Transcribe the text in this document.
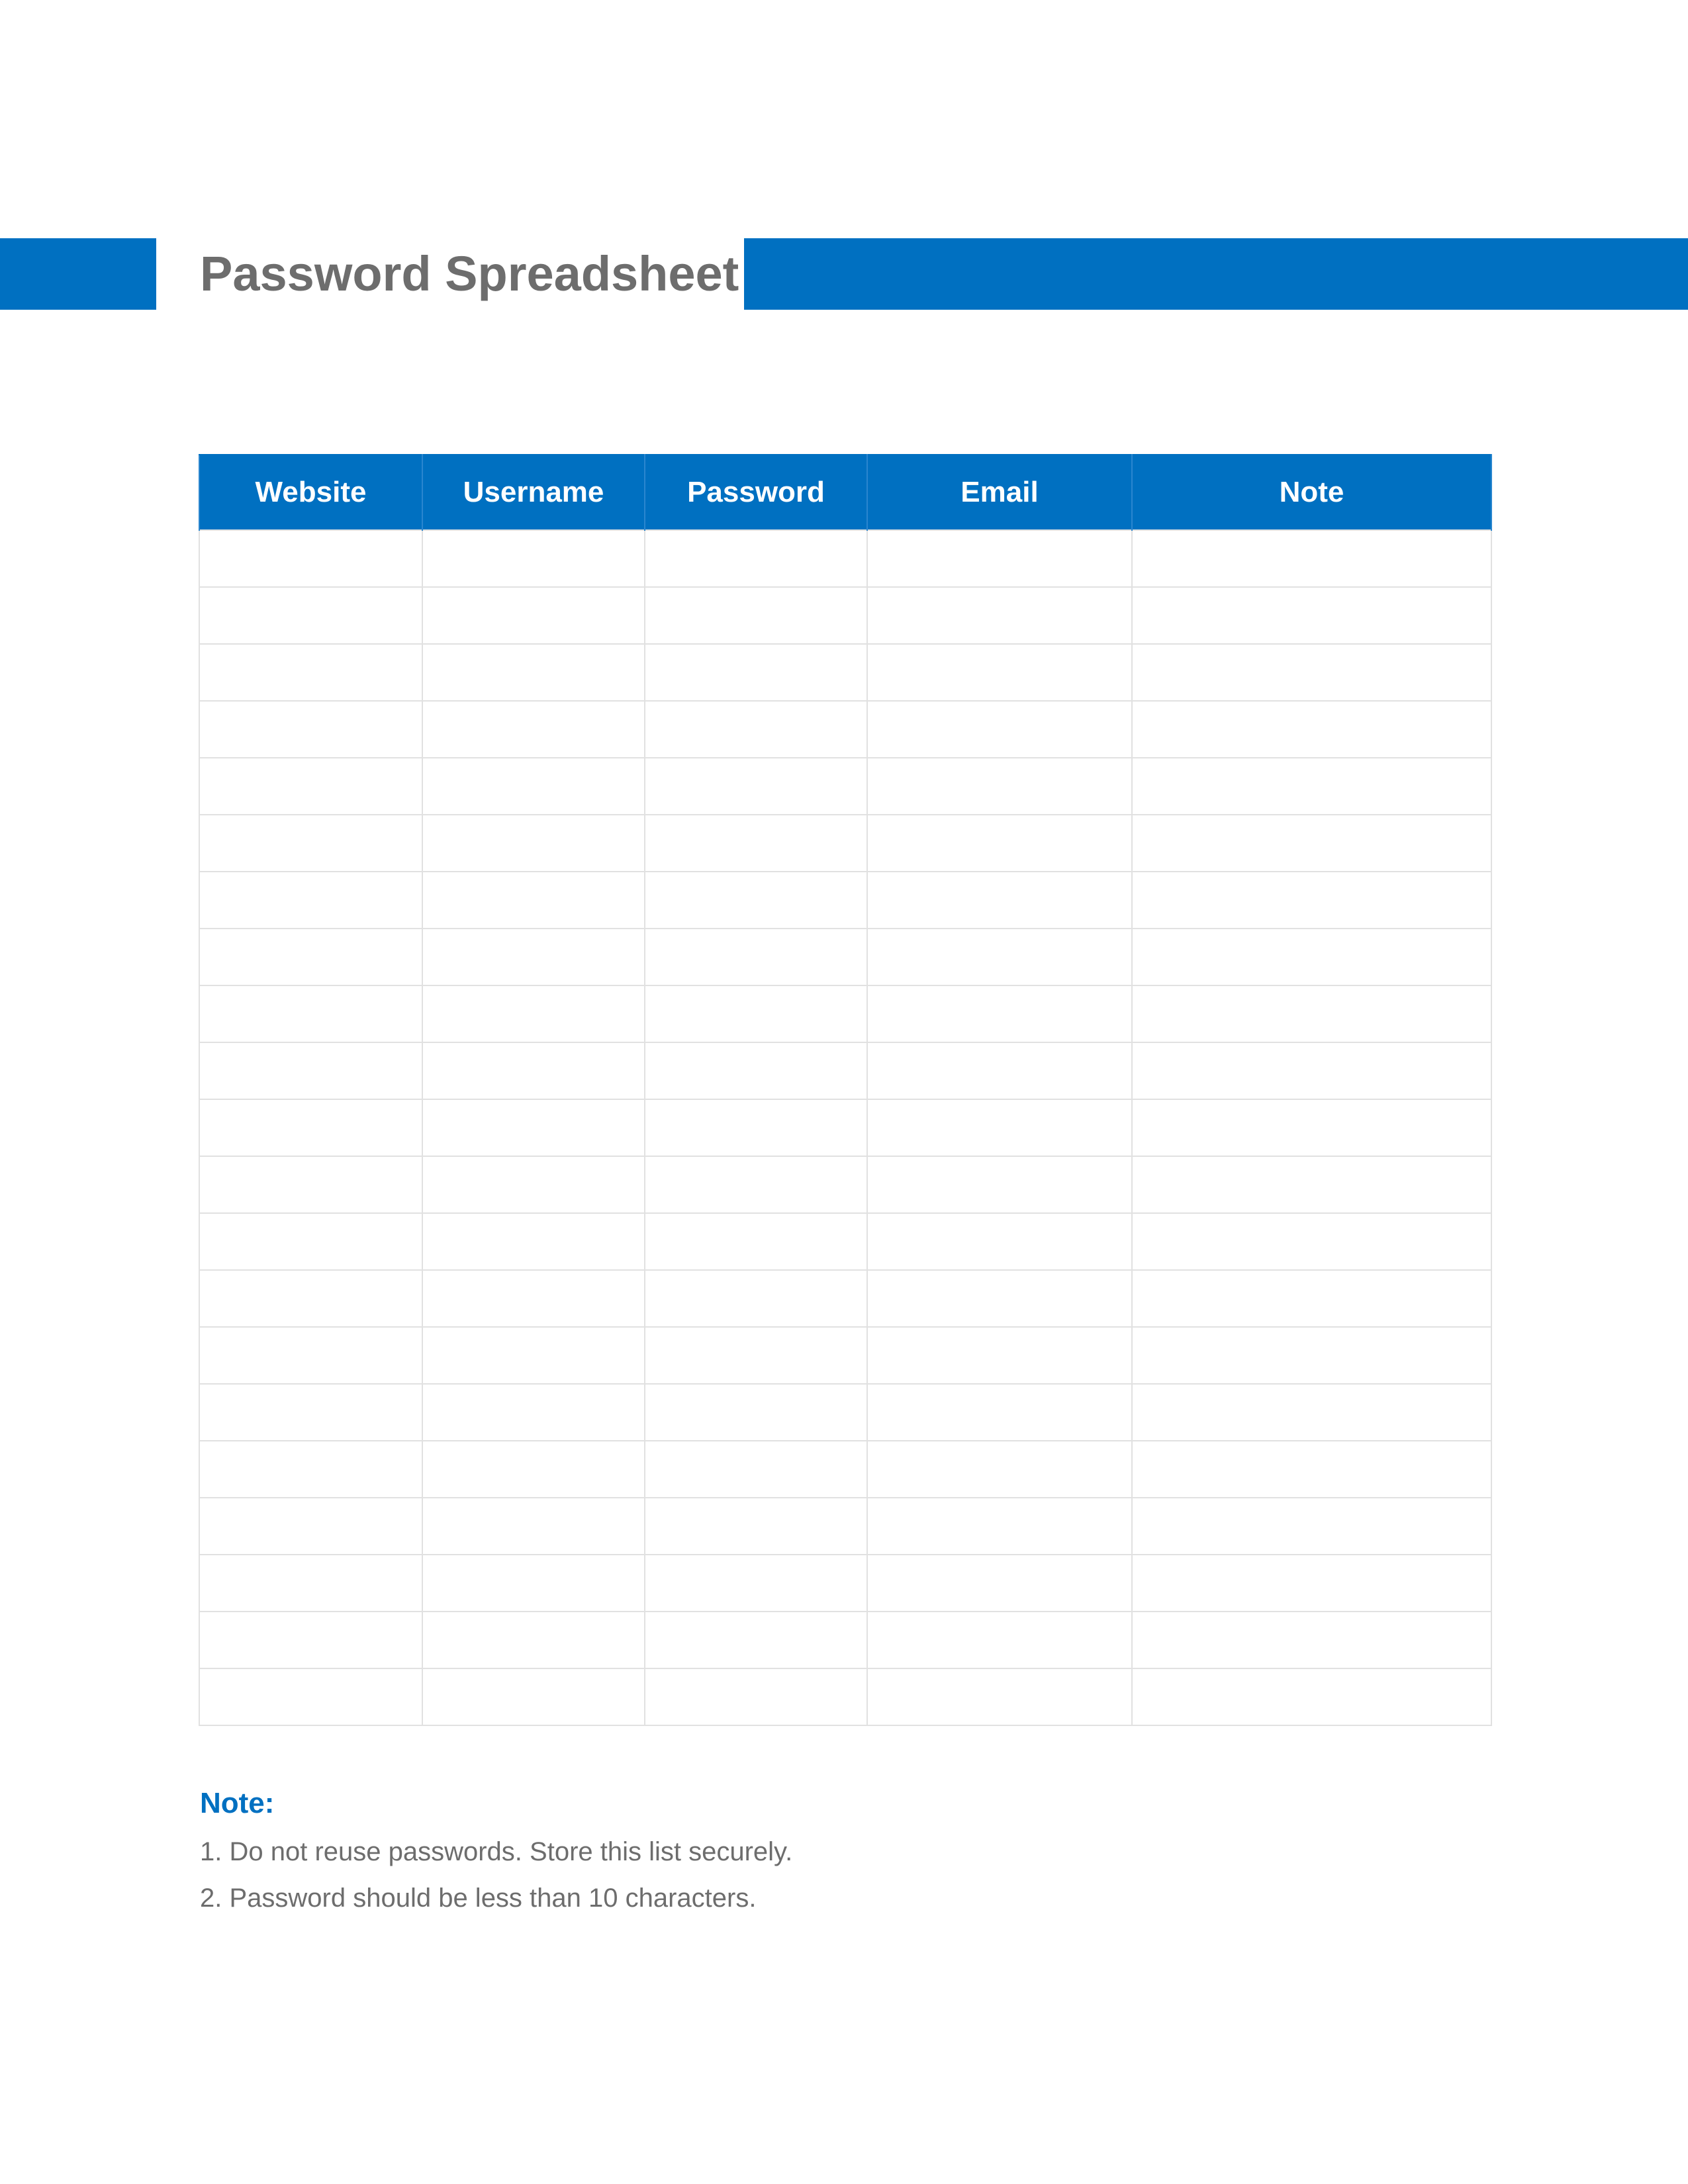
Password Spreadsheet
Website	Username	Password	Email	Note

Note:

1. Do not reuse passwords. Store this list securely.

2. Password should be less than 10 characters.
